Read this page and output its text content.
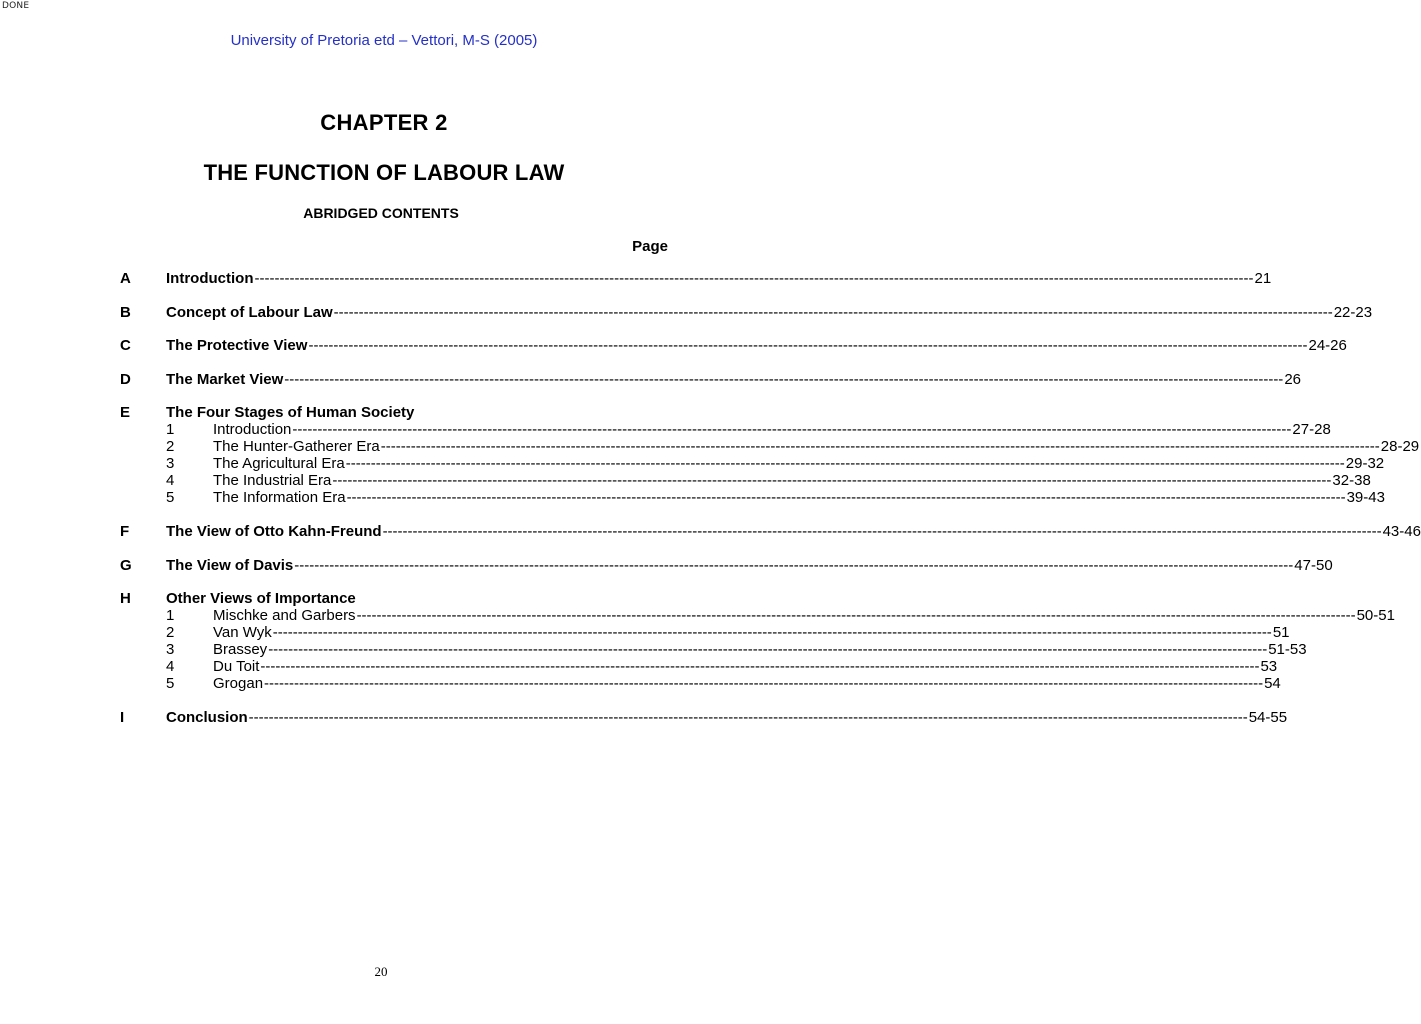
DONE
University of Pretoria etd – Vettori, M-S (2005)
CHAPTER 2
THE FUNCTION OF LABOUR LAW
ABRIDGED CONTENTS
Page
A Introduction -------------------------------------------------------------------------------------------------------------------------------------------------------------------------------------------------------- 21
B Concept of Labour Law -------------------------------------------------------------------------------------------------------------------------------------------------------------------------------------------------------- 22-23
C The Protective View -------------------------------------------------------------------------------------------------------------------------------------------------------------------------------------------------------- 24-26
D The Market View -------------------------------------------------------------------------------------------------------------------------------------------------------------------------------------------------------- 26
E The Four Stages of Human Society
1	Introduction -------------------------------------------------------------------------------------------------------------------------------------------------------------------------------------------------------- 27-28
2	The Hunter-Gatherer Era -------------------------------------------------------------------------------------------------------------------------------------------------------------------------------------------------------- 28-29
3	The Agricultural Era -------------------------------------------------------------------------------------------------------------------------------------------------------------------------------------------------------- 29-32
4	The Industrial Era -------------------------------------------------------------------------------------------------------------------------------------------------------------------------------------------------------- 32-38
5	The Information Era -------------------------------------------------------------------------------------------------------------------------------------------------------------------------------------------------------- 39-43
F The View of Otto Kahn-Freund -------------------------------------------------------------------------------------------------------------------------------------------------------------------------------------------------------- 43-46
G The View of Davis -------------------------------------------------------------------------------------------------------------------------------------------------------------------------------------------------------- 47-50
H Other Views of Importance
1	Mischke and Garbers -------------------------------------------------------------------------------------------------------------------------------------------------------------------------------------------------------- 50-51
2	Van Wyk -------------------------------------------------------------------------------------------------------------------------------------------------------------------------------------------------------- 51
3	Brassey -------------------------------------------------------------------------------------------------------------------------------------------------------------------------------------------------------- 51-53
4	Du Toit -------------------------------------------------------------------------------------------------------------------------------------------------------------------------------------------------------- 53
5	Grogan -------------------------------------------------------------------------------------------------------------------------------------------------------------------------------------------------------- 54
I	Conclusion -------------------------------------------------------------------------------------------------------------------------------------------------------------------------------------------------------- 54-55
20
